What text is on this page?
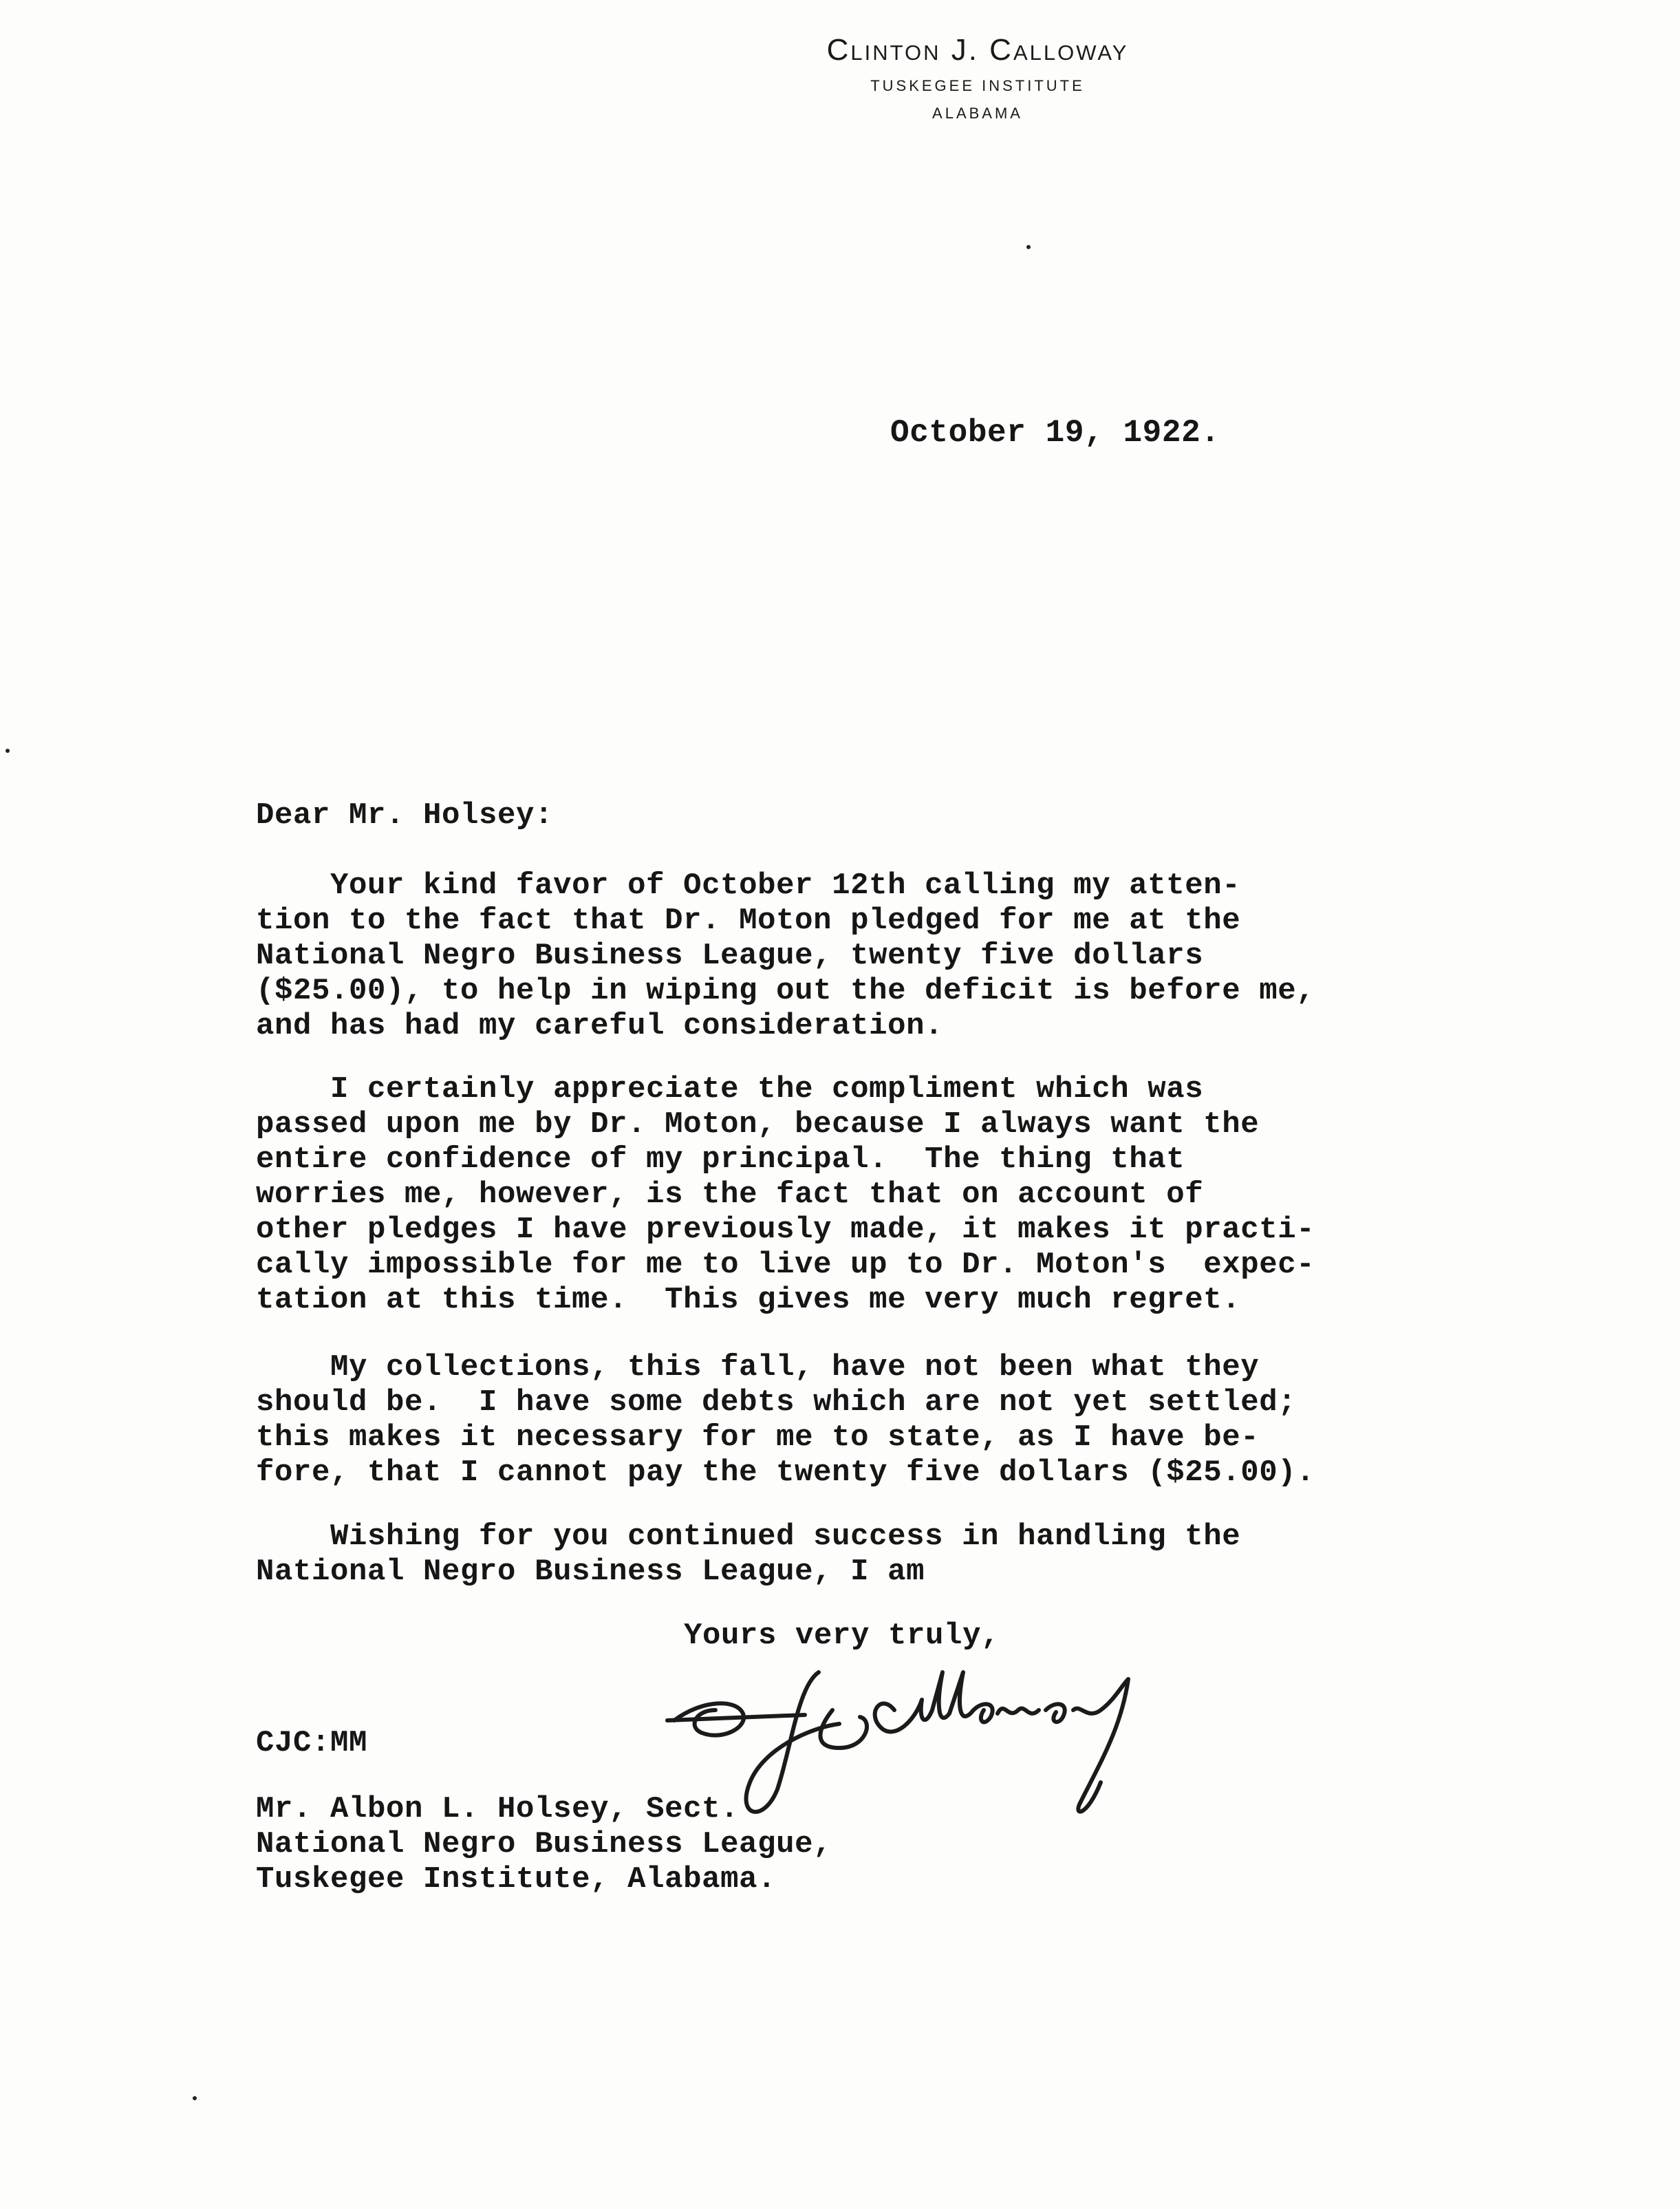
Clinton J. Calloway
TUSKEGEE INSTITUTE
ALABAMA
October 19, 1922.
Dear Mr. Holsey:
Your kind favor of October 12th calling my atten-
tion to the fact that Dr. Moton pledged for me at the
National Negro Business League, twenty five dollars
($25.00), to help in wiping out the deficit is before me,
and has had my careful consideration.
I certainly appreciate the compliment which was
passed upon me by Dr. Moton, because I always want the
entire confidence of my principal.  The thing that
worries me, however, is the fact that on account of
other pledges I have previously made, it makes it practi-
cally impossible for me to live up to Dr. Moton's  expec-
tation at this time.  This gives me very much regret.
My collections, this fall, have not been what they
should be.  I have some debts which are not yet settled;
this makes it necessary for me to state, as I have be-
fore, that I cannot pay the twenty five dollars ($25.00).
Wishing for you continued success in handling the
National Negro Business League, I am
Yours very truly,
CJC:MM
Mr. Albon L. Holsey, Sect.
National Negro Business League,
Tuskegee Institute, Alabama.
